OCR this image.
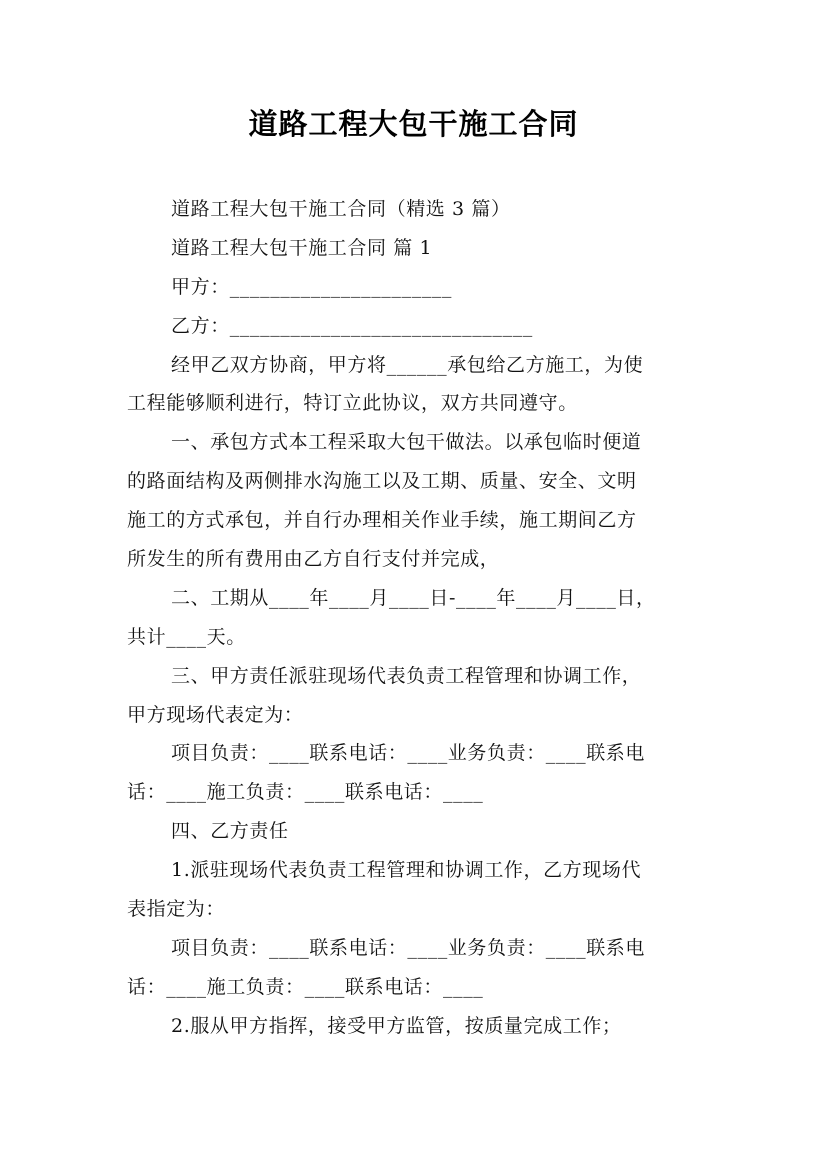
道路工程大包干施工合同
道路工程大包干施工合同（精选 3 篇）
道路工程大包干施工合同 篇 1
甲方：______________________
乙方：______________________________
经甲乙双方协商，甲方将______承包给乙方施工，为使
工程能够顺利进行，特订立此协议，双方共同遵守。
一、承包方式本工程采取大包干做法。以承包临时便道
的路面结构及两侧排水沟施工以及工期、质量、安全、文明
施工的方式承包，并自行办理相关作业手续，施工期间乙方
所发生的所有费用由乙方自行支付并完成，
二、工期从____年____月____日-____年____月____日，
共计____天。
三、甲方责任派驻现场代表负责工程管理和协调工作，
甲方现场代表定为：
项目负责：____联系电话：____业务负责：____联系电
话：____施工负责：____联系电话：____
四、乙方责任
1.派驻现场代表负责工程管理和协调工作，乙方现场代
表指定为：
项目负责：____联系电话：____业务负责：____联系电
话：____施工负责：____联系电话：____
2.服从甲方指挥，接受甲方监管，按质量完成工作；
